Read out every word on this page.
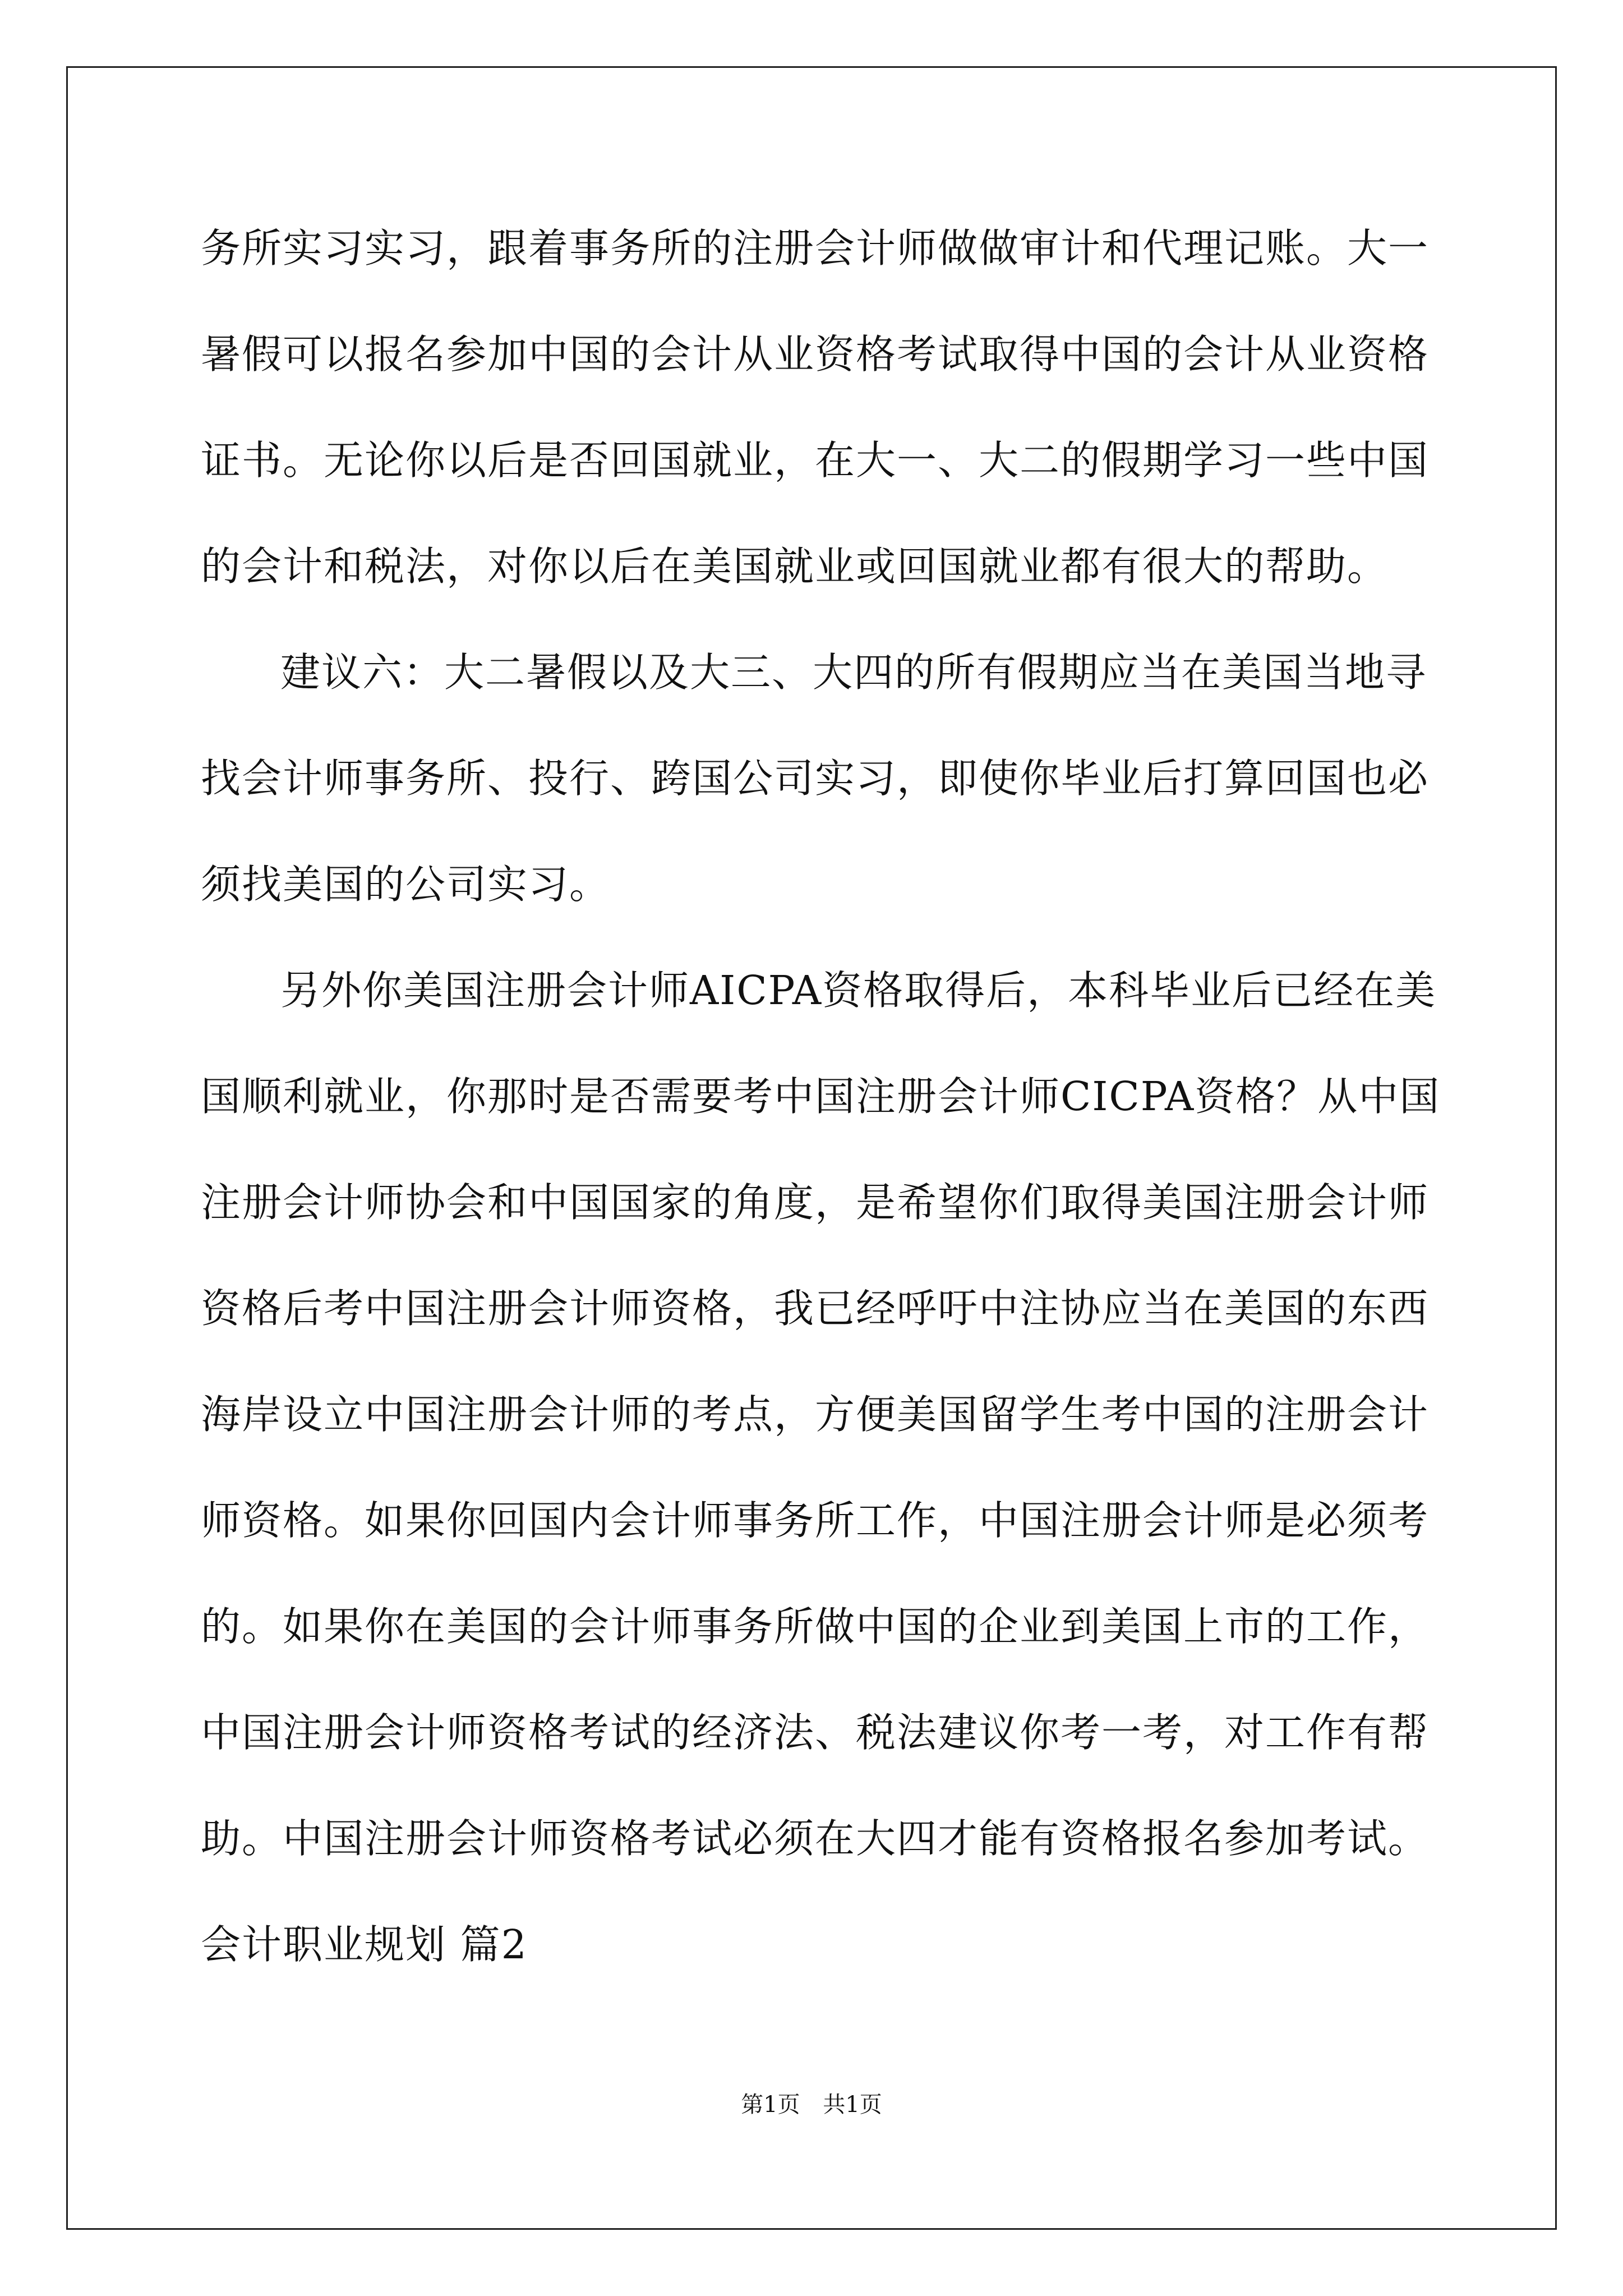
务所实习实习，跟着事务所的注册会计师做做审计和代理记账。大一
暑假可以报名参加中国的会计从业资格考试取得中国的会计从业资格
证书。无论你以后是否回国就业，在大一、大二的假期学习一些中国
的会计和税法，对你以后在美国就业或回国就业都有很大的帮助。
建议六：大二暑假以及大三、大四的所有假期应当在美国当地寻
找会计师事务所、投行、跨国公司实习，即使你毕业后打算回国也必
须找美国的公司实习。
另外你美国注册会计师AICPA资格取得后，本科毕业后已经在美
国顺利就业，你那时是否需要考中国注册会计师CICPA资格？从中国
注册会计师协会和中国国家的角度，是希望你们取得美国注册会计师
资格后考中国注册会计师资格，我已经呼吁中注协应当在美国的东西
海岸设立中国注册会计师的考点，方便美国留学生考中国的注册会计
师资格。如果你回国内会计师事务所工作，中国注册会计师是必须考
的。如果你在美国的会计师事务所做中国的企业到美国上市的工作，
中国注册会计师资格考试的经济法、税法建议你考一考，对工作有帮
助。中国注册会计师资格考试必须在大四才能有资格报名参加考试。
会计职业规划 篇2
第1页 共1页
